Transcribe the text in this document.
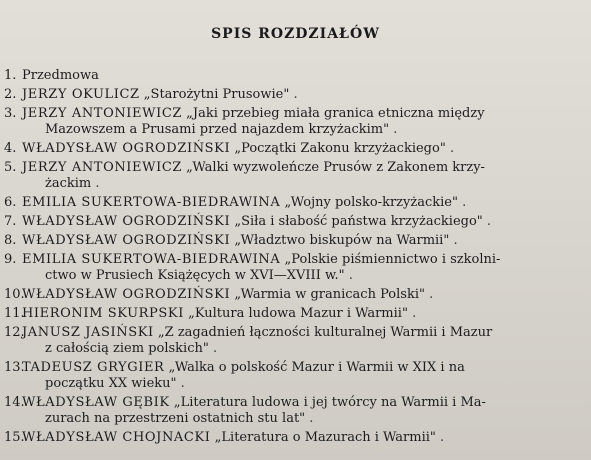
SPIS ROZDZIAŁÓW
1. Przedmowa
2. JERZY OKULICZ „Starożytni Prusowie" .
3. JERZY ANTONIEWICZ „Jaki przebieg miała granica etniczna między
Mazowszem a Prusami przed najazdem krzyżackim" .
4. WŁADYSŁAW OGRODZIŃSKI „Początki Zakonu krzyżackiego" .
5. JERZY ANTONIEWICZ „Walki wyzwoleńcze Prusów z Zakonem krzy-
żackim .
6. EMILIA SUKERTOWA-BIEDRAWINA „Wojny polsko-krzyżackie" .
7. WŁADYSŁAW OGRODZIŃSKI „Siła i słabość państwa krzyżackiego" .
8. WŁADYSŁAW OGRODZIŃSKI „Władztwo biskupów na Warmii" .
9. EMILIA SUKERTOWA-BIEDRAWINA „Polskie piśmiennictwo i szkolni-
ctwo w Prusiech Książęcych w XVI—XVIII w." .
10.
WŁADYSŁAW OGRODZIŃSKI „Warmia w granicach Polski" .
11.
HIERONIM SKURPSKI „Kultura ludowa Mazur i Warmii" .
12.
JANUSZ JASIŃSKI „Z zagadnień łączności kulturalnej Warmii i Mazur
z całością ziem polskich" .
13.
TADEUSZ GRYGIER „Walka o polskość Mazur i Warmii w XIX i na
początku XX wieku" .
14.
WŁADYSŁAW GĘBIK „Literatura ludowa i jej twórcy na Warmii i Ma-
zurach na przestrzeni ostatnich stu lat" .
15.
WŁADYSŁAW CHOJNACKI „Literatura o Mazurach i Warmii" .
